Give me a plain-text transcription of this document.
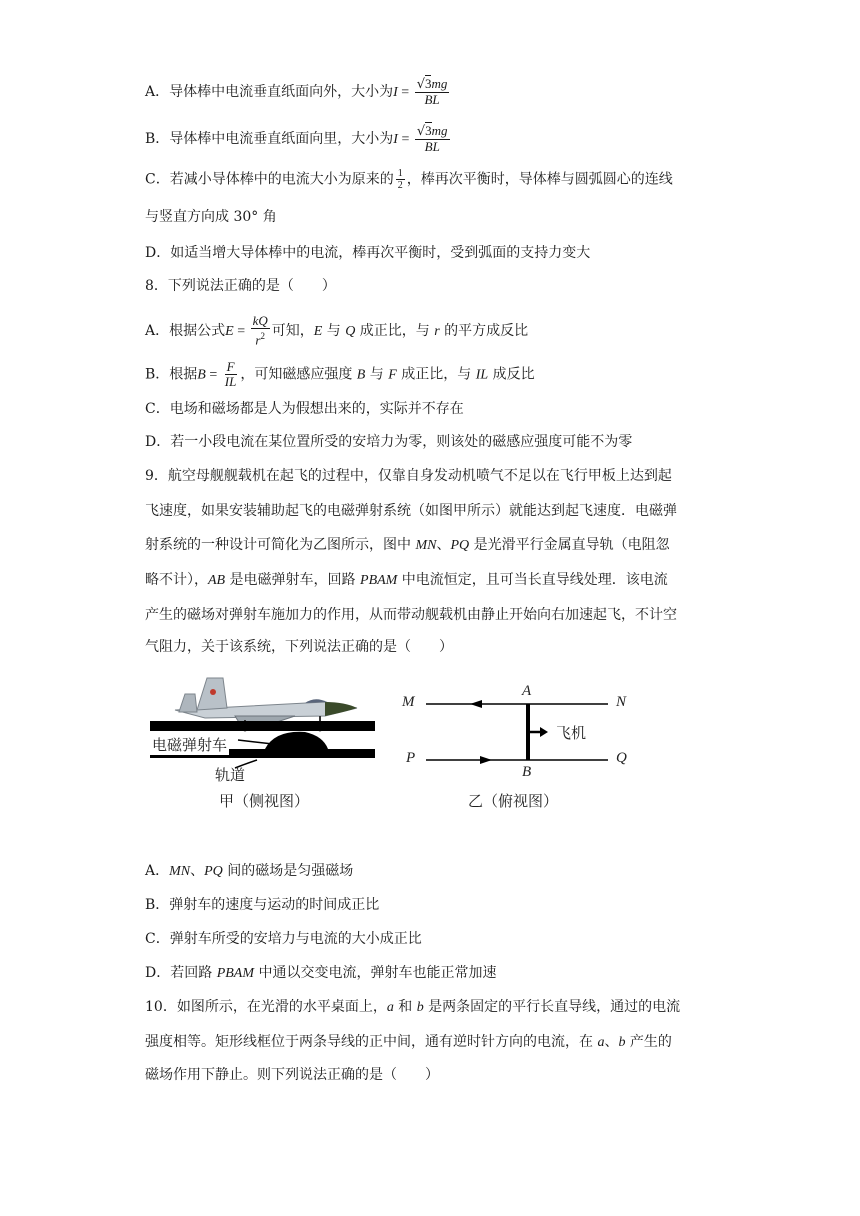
A．导体棒中电流垂直纸面向外，大小为$I = \frac{√3mg}{BL}$
B．导体棒中电流垂直纸面向里，大小为$I = \frac{√3mg}{BL}$
C．若减小导体棒中的电流大小为原来的 $\frac{1}{2}$ ，棒再次平衡时，导体棒与圆弧圆心的连线
与竖直方向成 30° 角
D．如适当增大导体棒中的电流，棒再次平衡时，受到弧面的支持力变大
8．下列说法正确的是（　　）
A．根据公式$E = \frac{kQ}{r^2}$ 可知，E 与 Q 成正比，与 r 的平方成反比
B．根据$B = \frac{F}{IL}$ ，可知磁感应强度 B 与 F 成正比，与 IL 成反比
C．电场和磁场都是人为假想出来的，实际并不存在
D．若一小段电流在某位置所受的安培力为零，则该处的磁感应强度可能不为零
9．航空母舰舰载机在起飞的过程中，仅靠自身发动机喷气不足以在飞行甲板上达到起
飞速度，如果安装辅助起飞的电磁弹射系统（如图甲所示）就能达到起飞速度．电磁弹
射系统的一种设计可简化为乙图所示，图中 MN、PQ 是光滑平行金属直导轨（电阻忽
略不计），AB 是电磁弹射车，回路 PBAM 中电流恒定，且可当长直导线处理．该电流
产生的磁场对弹射车施加力的作用，从而带动舰载机由静止开始向右加速起飞，不计空
气阻力，关于该系统，下列说法正确的是（　　）
电磁弹射车
轨道
甲（侧视图）
M	N
P	Q
A
B
飞机
乙（俯视图）
A．MN、PQ 间的磁场是匀强磁场
B．弹射车的速度与运动的时间成正比
C．弹射车所受的安培力与电流的大小成正比
D．若回路 PBAM 中通以交变电流，弹射车也能正常加速
10．如图所示，在光滑的水平桌面上，a 和 b 是两条固定的平行长直导线，通过的电流
强度相等。矩形线框位于两条导线的正中间，通有逆时针方向的电流，在 a、b 产生的
磁场作用下静止。则下列说法正确的是（　　）
